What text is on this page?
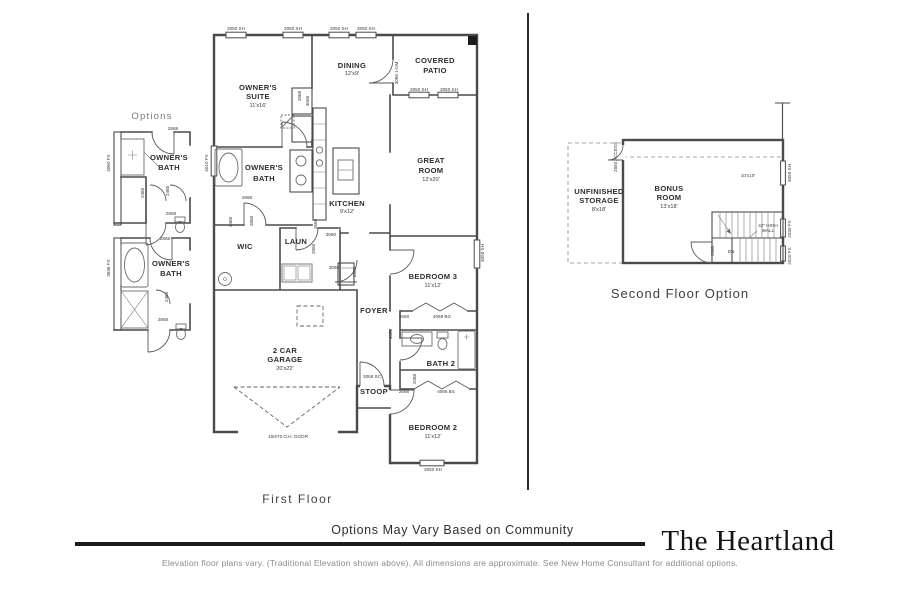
OWNER'S
SUITE
11'x16'
DINING
12'x9'
COVERED
PATIO
GREAT
ROOM
12'x20'
OWNER'S
BATH
KITCHEN
9'x12'
WIC
LAUN
FOYER
2 CAR
GARAGE
20'x22'
STOOP
BEDROOM 3
11'x12'
BATH 2
BEDROOM 2
11'x12'
OWNER'S
BATH
OWNER'S
BATH
UNFINISHED
STORAGE
8'x18'
BONUS
ROOM
13'x18'
3050 SH	3050 SH	3050 SH 3050 SH
3050 SH	3050 SH
4010 FX
3050 SH
3050 SH
3068 1-DM
2868 3068
2868
2468	2868	2668
3080
2868
3068	2668
2668	4068 BG
4080
2068
2668	4068 BS
3068 SC
160/70 O.H. DOOR
4060 FX
2868
2468	2468
2868
3636 FX
2868
2468
2868
2850 ACCESS
10'x10'	3050 SH
2030 FX
2020 FX
DN
2668
42" HIGH
WALL
Options
First Floor
Second Floor Option
Options May Vary Based on Community	The Heartland
Elevation floor plans vary. (Traditional Elevation shown above). All dimensions are approximate. See New Home Consultant for additional options.
